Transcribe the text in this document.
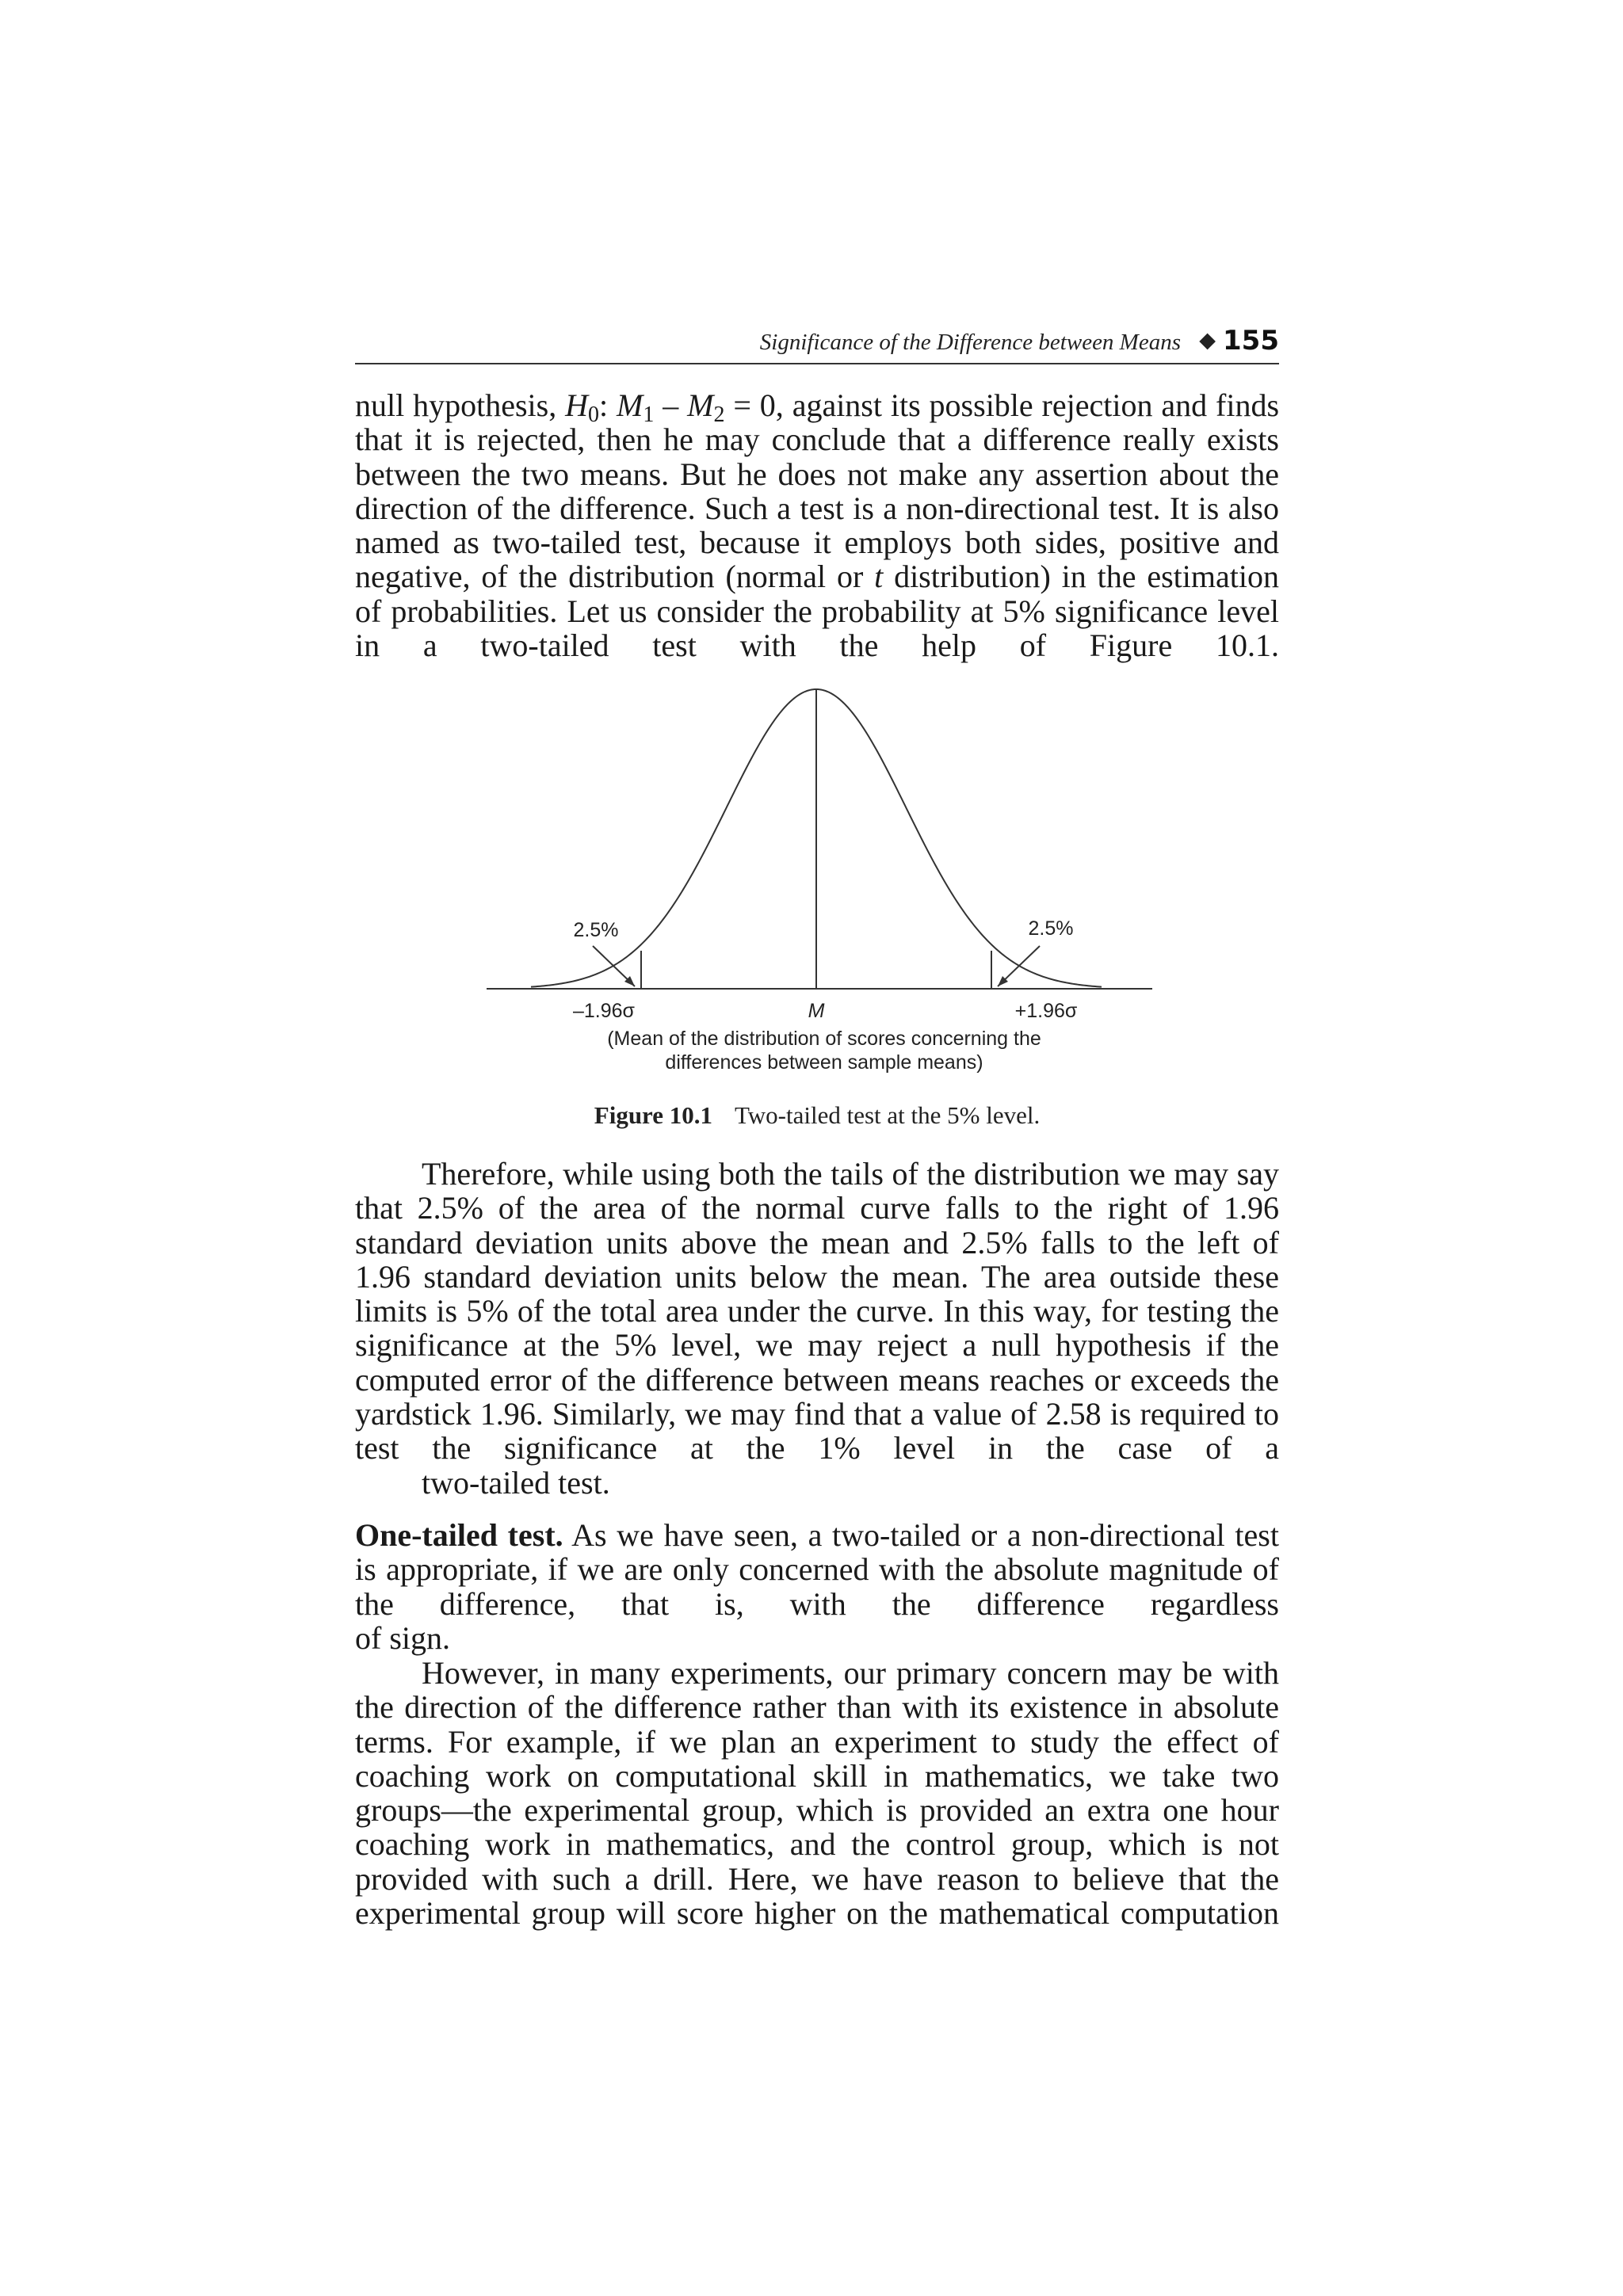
Significance of the Difference between Means ◆ 155

null hypothesis, $H_0$: $M_1 - M_2 = 0$, against its possible rejection and finds that it is rejected, then he may conclude that a difference really exists between the two means. But he does not make any assertion about the direction of the difference. Such a test is a non-directional test. It is also named as two-tailed test, because it employs both sides, positive and negative, of the distribution (normal or t distribution) in the estimation of probabilities. Let us consider the probability at 5% significance level in a two-tailed test with the help of Figure 10.1.

2.5%	2.5%
–1.96σ	M	+1.96σ
(Mean of the distribution of scores concerning the
differences between sample means)
Figure 10.1 Two-tailed test at the 5% level.

Therefore, while using both the tails of the distribution we may say that 2.5% of the area of the normal curve falls to the right of 1.96 standard deviation units above the mean and 2.5% falls to the left of 1.96 standard deviation units below the mean. The area outside these limits is 5% of the total area under the curve. In this way, for testing the significance at the 5% level, we may reject a null hypothesis if the computed error of the difference between means reaches or exceeds the yardstick 1.96. Similarly, we may find that a value of 2.58 is required to test the significance at the 1% level in the case of a
two-tailed test.

One-tailed test. As we have seen, a two-tailed or a non-directional test is appropriate, if we are only concerned with the absolute magnitude of the difference, that is, with the difference regardless
of sign.

However, in many experiments, our primary concern may be with the direction of the difference rather than with its existence in absolute terms. For example, if we plan an experiment to study the effect of coaching work on computational skill in mathematics, we take two groups—the experimental group, which is provided an extra one hour coaching work in mathematics, and the control group, which is not provided with such a drill. Here, we have reason to believe that the experimental group will score higher on the mathematical computation
